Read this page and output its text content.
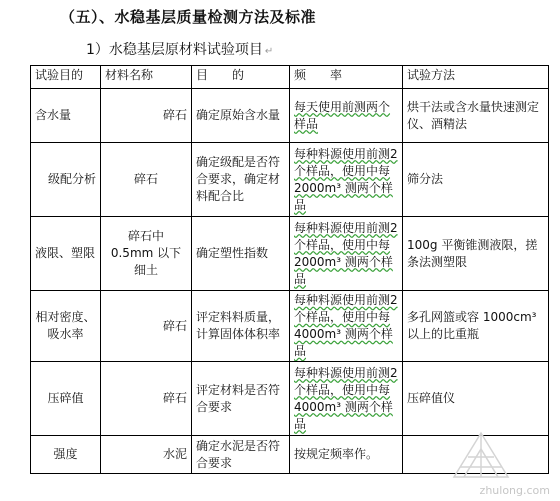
（五）、水稳基层质量检测方法及标准
1）水稳基层原材料试验项目 ↵
试验目的	材料名称	目　　的	频　　率	试验方法
含水量	碎石	确定原始含水量	每天使用前测两个样品	烘干法或含水量快速测定仪、酒精法
级配分析	碎石	确定级配是否符合要求，确定材料配合比	每种料源使用前测2个样品，使用中每 2000m³ 测两个样品	筛分法
液限、塑限	碎石中 0.5mm 以下细土	确定塑性指数	每种料源使用前测2个样品，使用中每 2000m³ 测两个样品	100g 平衡锥测液限，搓条法测塑限
相对密度、吸水率	碎石	评定料料质量，计算固体体积率	每种料源使用前测2个样品，使用中每 4000m³ 测两个样品	多孔网篮或容 1000cm³ 以上的比重瓶
压碎值	碎石	评定材料是否符合要求	每种料源使用前测2个样品，使用中每 4000m³ 测两个样品	压碎值仪
强度	水泥	确定水泥是否符合要求	按规定频率作。	
zhulong.com
